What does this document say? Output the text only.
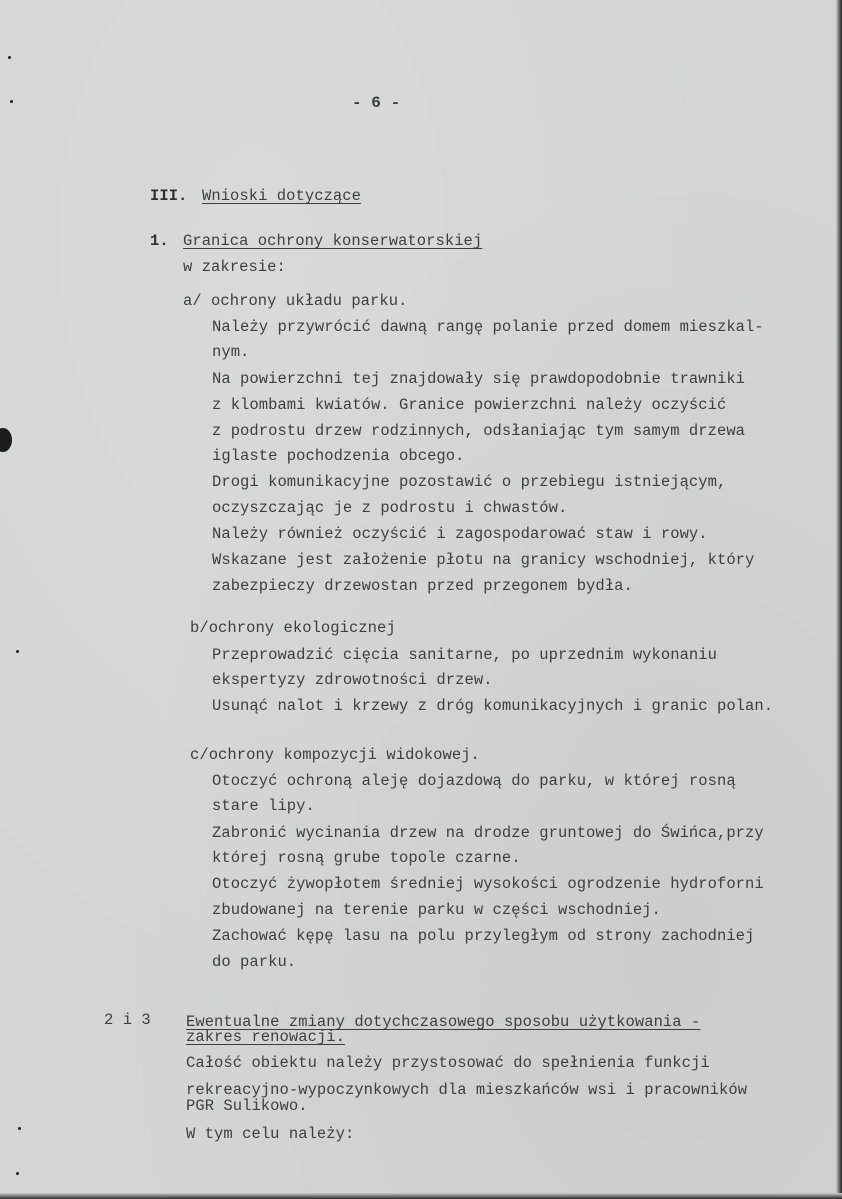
- 6 -
III. Wnioski dotyczące
1. Granica ochrony konserwatorskiej
w zakresie:
a/ ochrony układu parku.
Należy przywrócić dawną rangę polanie przed domem mieszkal-
nym.
Na powierzchni tej znajdowały się prawdopodobnie trawniki
z klombami kwiatów. Granice powierzchni należy oczyścić
z podrostu drzew rodzinnych, odsłaniając tym samym drzewa
iglaste pochodzenia obcego.
Drogi komunikacyjne pozostawić o przebiegu istniejącym,
oczyszczając je z podrostu i chwastów.
Należy również oczyścić i zagospodarować staw i rowy.
Wskazane jest założenie płotu na granicy wschodniej, który
zabezpieczy drzewostan przed przegonem bydła.
b/ochrony ekologicznej
Przeprowadzić cięcia sanitarne, po uprzednim wykonaniu
ekspertyzy zdrowotności drzew.
Usunąć nalot i krzewy z dróg komunikacyjnych i granic polan.
c/ochrony kompozycji widokowej.
Otoczyć ochroną aleję dojazdową do parku, w której rosną
stare lipy.
Zabronić wycinania drzew na drodze gruntowej do Świńca,przy
której rosną grube topole czarne.
Otoczyć żywopłotem średniej wysokości ogrodzenie hydroforni
zbudowanej na terenie parku w części wschodniej.
Zachować kępę lasu na polu przyległym od strony zachodniej
do parku.
2 i 3 Ewentualne zmiany dotychczasowego sposobu użytkowania -
zakres renowacji.
Całość obiektu należy przystosować do spełnienia funkcji
rekreacyjno-wypoczynkowych dla mieszkańców wsi i pracowników
PGR Sulikowo.
W tym celu należy:
